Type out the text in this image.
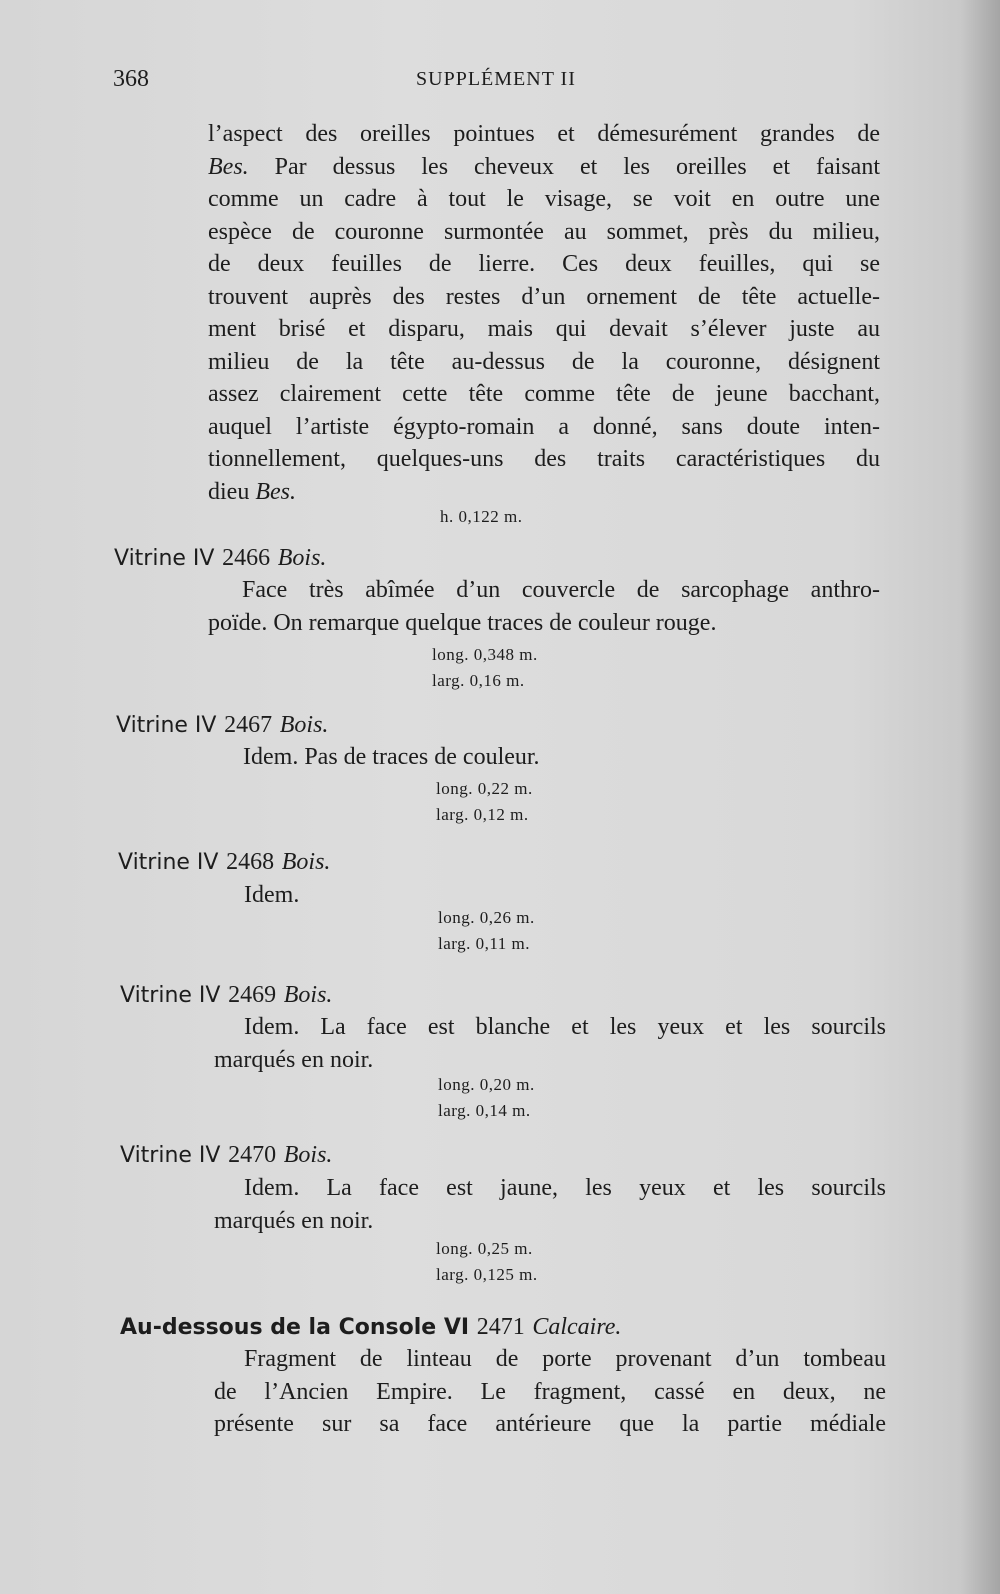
368	SUPPLÉMENT II
l’aspect des oreilles pointues et démesurément grandes de
Bes. Par dessus les cheveux et les oreilles et faisant
comme un cadre à tout le visage, se voit en outre une
espèce de couronne surmontée au sommet, près du milieu,
de deux feuilles de lierre. Ces deux feuilles, qui se
trouvent auprès des restes d’un ornement de tête actuelle-
ment brisé et disparu, mais qui devait s’élever juste au
milieu de la tête au-dessus de la couronne, désignent
assez clairement cette tête comme tête de jeune bacchant,
auquel l’artiste égypto-romain a donné, sans doute inten-
tionnellement, quelques-uns des traits caractéristiques du
dieu Bes.
h. 0,122 m.
Vitrine IV 2466 Bois.
Face très abîmée d’un couvercle de sarcophage anthro-
poïde. On remarque quelque traces de couleur rouge.
long. 0,348 m.
larg. 0,16 m.
Vitrine IV 2467 Bois.
Idem. Pas de traces de couleur.
long. 0,22 m.
larg. 0,12 m.
Vitrine IV 2468 Bois.
Idem.
long. 0,26 m.
larg. 0,11 m.
Vitrine IV 2469 Bois.
Idem. La face est blanche et les yeux et les sourcils
marqués en noir.
long. 0,20 m.
larg. 0,14 m.
Vitrine IV 2470 Bois.
Idem. La face est jaune, les yeux et les sourcils
marqués en noir.
long. 0,25 m.
larg. 0,125 m.
Au-dessous de la Console VI 2471 Calcaire.
Fragment de linteau de porte provenant d’un tombeau
de l’Ancien Empire. Le fragment, cassé en deux, ne
présente sur sa face antérieure que la partie médiale
